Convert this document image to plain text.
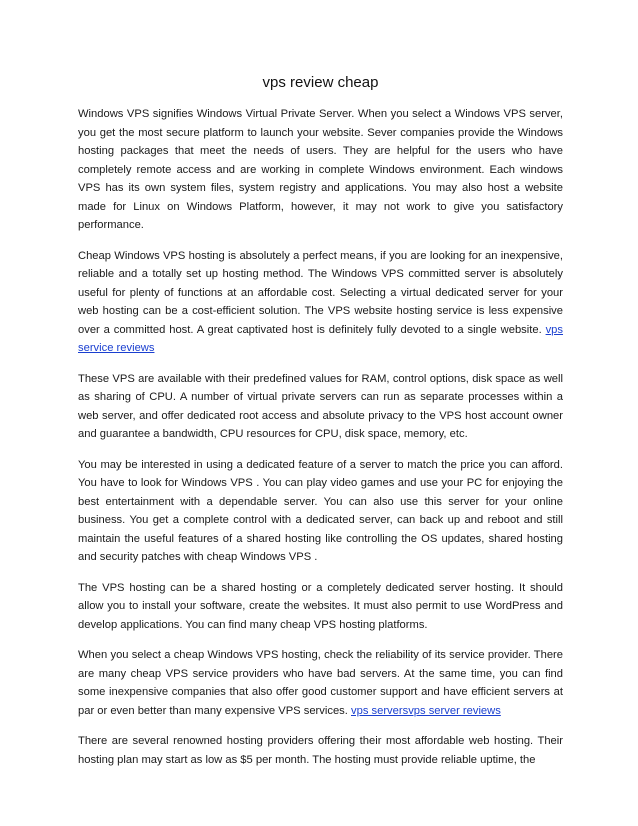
vps review cheap

Windows VPS signifies Windows Virtual Private Server. When you select a Windows VPS server, you get the most secure platform to launch your website. Sever companies provide the Windows hosting packages that meet the needs of users. They are helpful for the users who have completely remote access and are working in complete Windows environment. Each windows VPS has its own system files, system registry and applications. You may also host a website made for Linux on Windows Platform, however, it may not work to give you satisfactory performance.

Cheap Windows VPS hosting is absolutely a perfect means, if you are looking for an inexpensive, reliable and a totally set up hosting method. The Windows VPS committed server is absolutely useful for plenty of functions at an affordable cost. Selecting a virtual dedicated server for your web hosting can be a cost-efficient solution. The VPS website hosting service is less expensive over a committed host. A great captivated host is definitely fully devoted to a single website. vps service reviews

These VPS are available with their predefined values for RAM, control options, disk space as well as sharing of CPU. A number of virtual private servers can run as separate processes within a web server, and offer dedicated root access and absolute privacy to the VPS host account owner and guarantee a bandwidth, CPU resources for CPU, disk space, memory, etc.

You may be interested in using a dedicated feature of a server to match the price you can afford. You have to look for Windows VPS . You can play video games and use your PC for enjoying the best entertainment with a dependable server. You can also use this server for your online business. You get a complete control with a dedicated server, can back up and reboot and still maintain the useful features of a shared hosting like controlling the OS updates, shared hosting and security patches with cheap Windows VPS .

The VPS hosting can be a shared hosting or a completely dedicated server hosting. It should allow you to install your software, create the websites. It must also permit to use WordPress and develop applications. You can find many cheap VPS hosting platforms.

When you select a cheap Windows VPS hosting, check the reliability of its service provider. There are many cheap VPS service providers who have bad servers. At the same time, you can find some inexpensive companies that also offer good customer support and have efficient servers at par or even better than many expensive VPS services. vps serversvps server reviews

There are several renowned hosting providers offering their most affordable web hosting. Their hosting plan may start as low as $5 per month. The hosting must provide reliable uptime, the
